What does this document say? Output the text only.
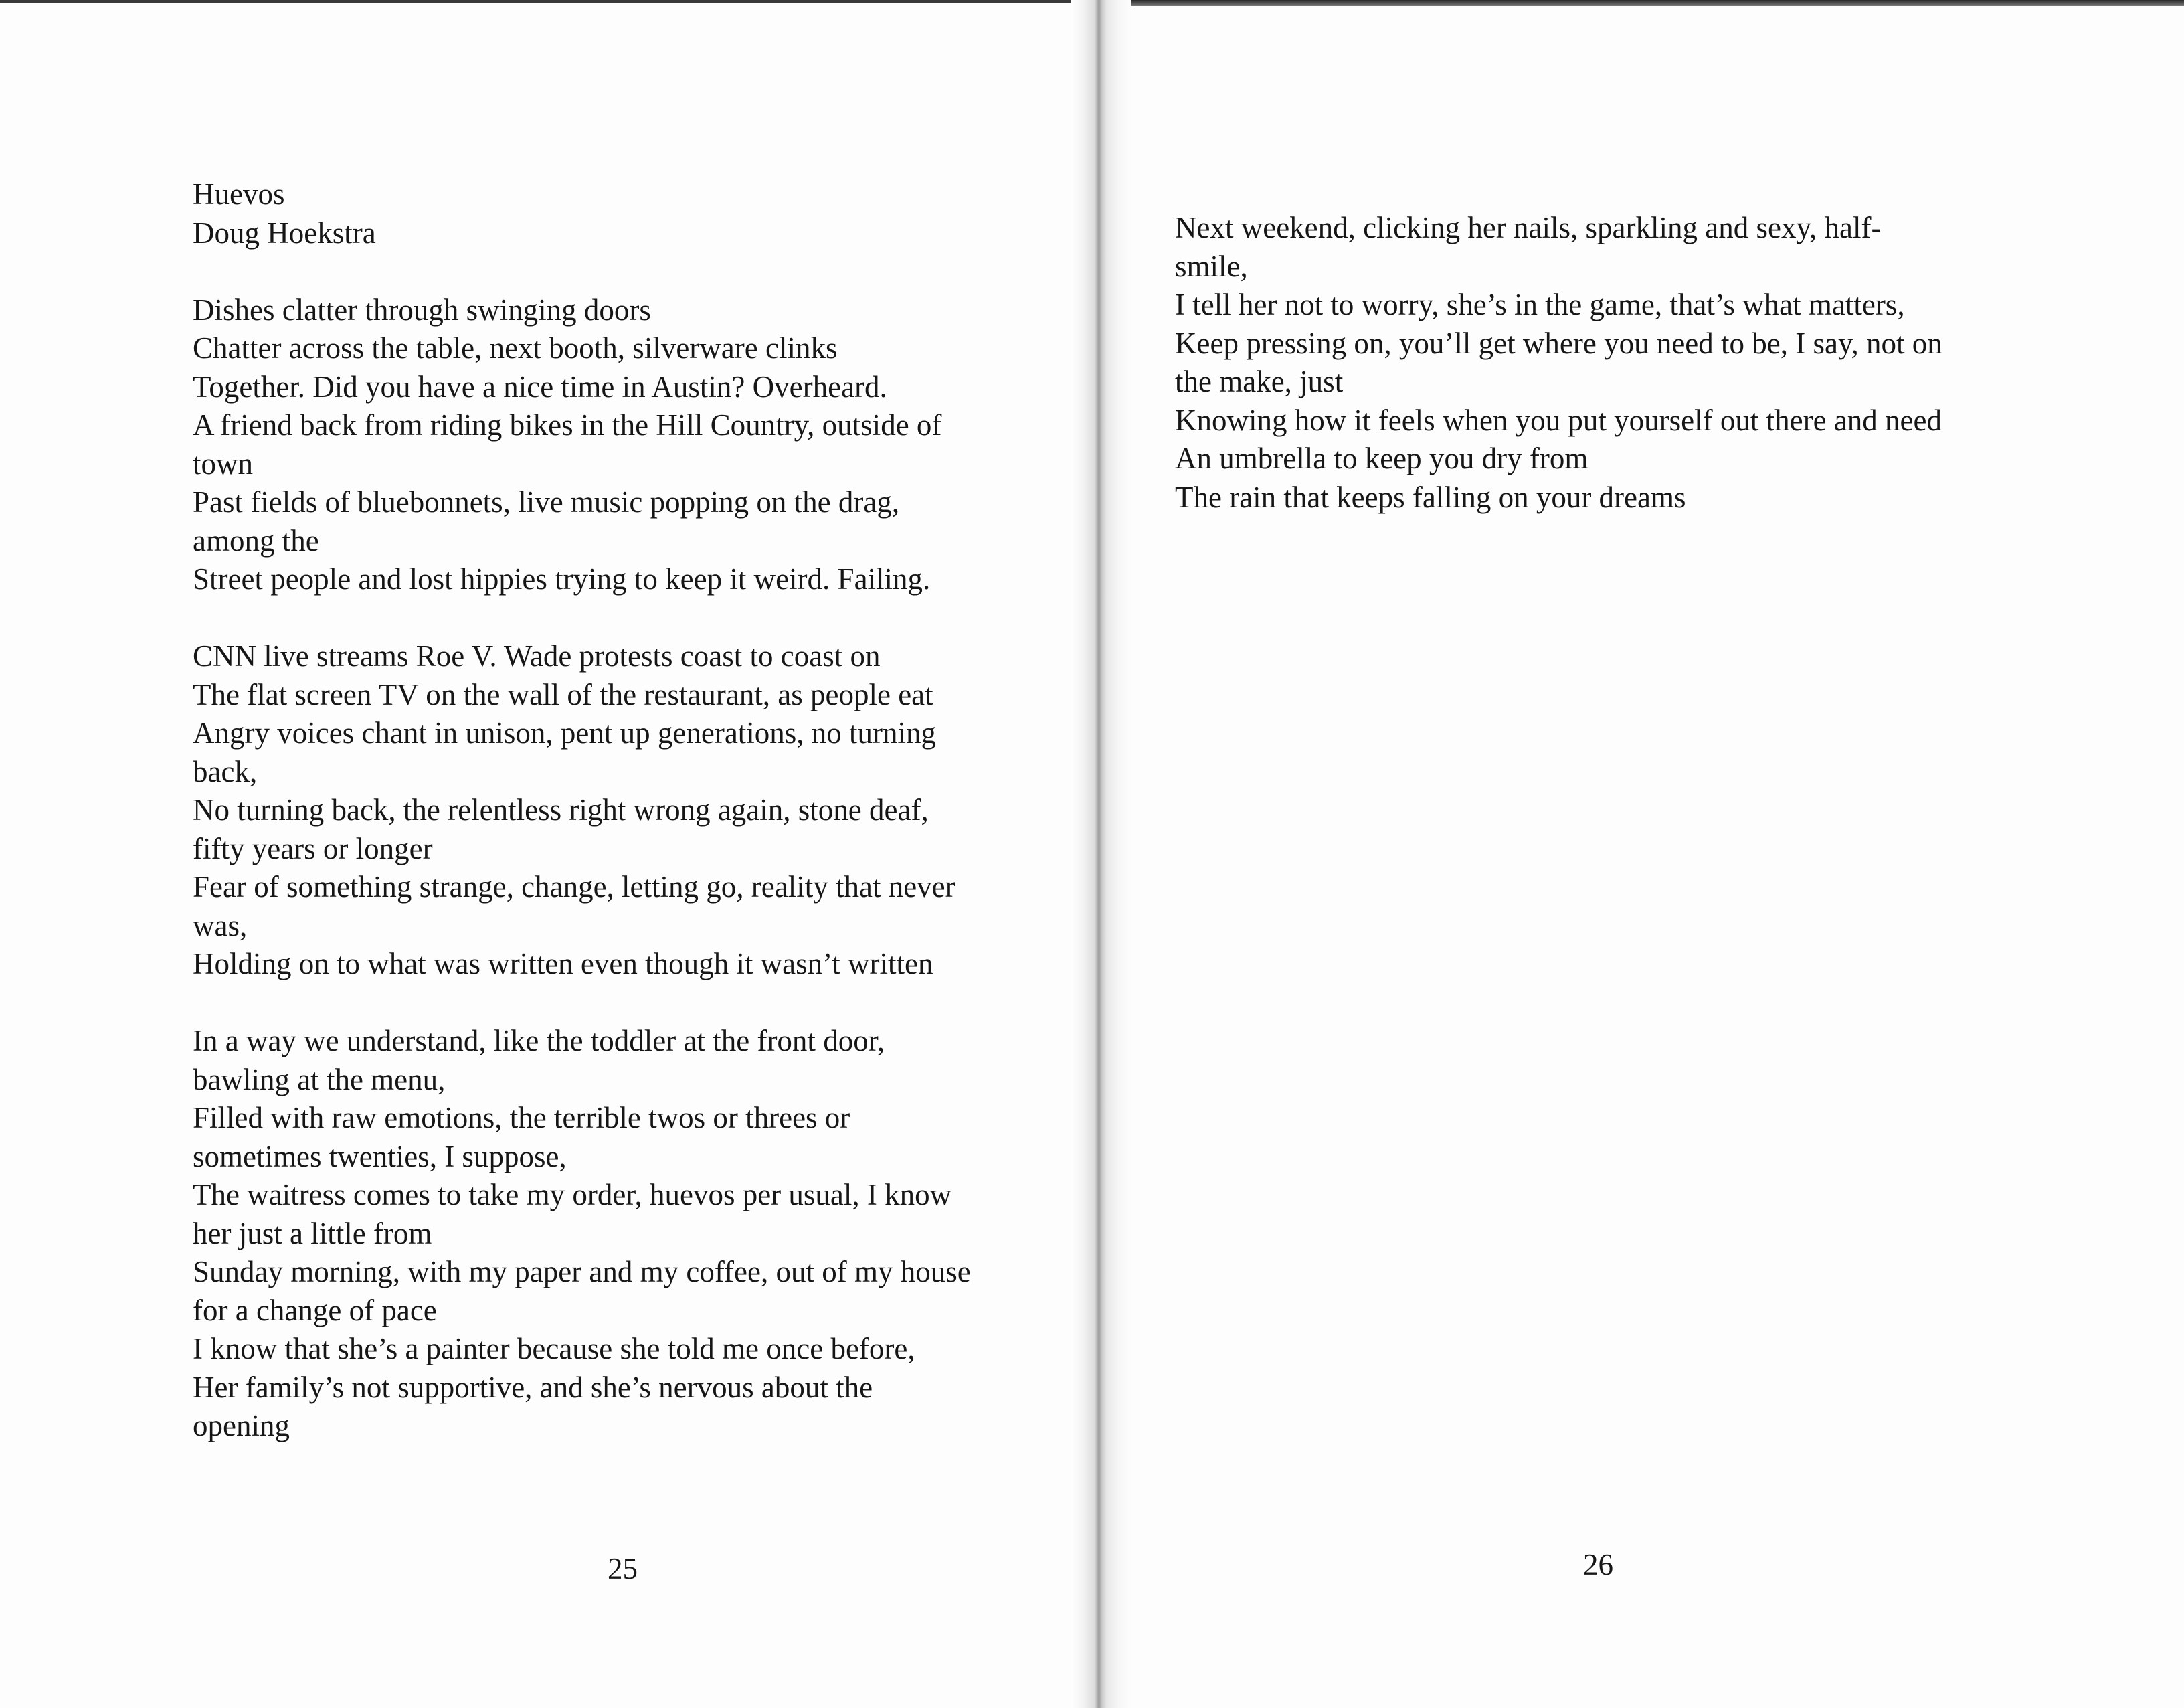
Huevos
Doug Hoekstra
Dishes clatter through swinging doors
Chatter across the table, next booth, silverware clinks
Together. Did you have a nice time in Austin? Overheard.
A friend back from riding bikes in the Hill Country, outside of
town
Past fields of bluebonnets, live music popping on the drag,
among the
Street people and lost hippies trying to keep it weird. Failing.
CNN live streams Roe V. Wade protests coast to coast on
The flat screen TV on the wall of the restaurant, as people eat
Angry voices chant in unison, pent up generations, no turning
back,
No turning back, the relentless right wrong again, stone deaf,
fifty years or longer
Fear of something strange, change, letting go, reality that never
was,
Holding on to what was written even though it wasn’t written
In a way we understand, like the toddler at the front door,
bawling at the menu,
Filled with raw emotions, the terrible twos or threes or
sometimes twenties, I suppose,
The waitress comes to take my order, huevos per usual, I know
her just a little from
Sunday morning, with my paper and my coffee, out of my house
for a change of pace
I know that she’s a painter because she told me once before,
Her family’s not supportive, and she’s nervous about the
opening
25
Next weekend, clicking her nails, sparkling and sexy, half-
smile,
I tell her not to worry, she’s in the game, that’s what matters,
Keep pressing on, you’ll get where you need to be, I say, not on
the make, just
Knowing how it feels when you put yourself out there and need
An umbrella to keep you dry from
The rain that keeps falling on your dreams
26
